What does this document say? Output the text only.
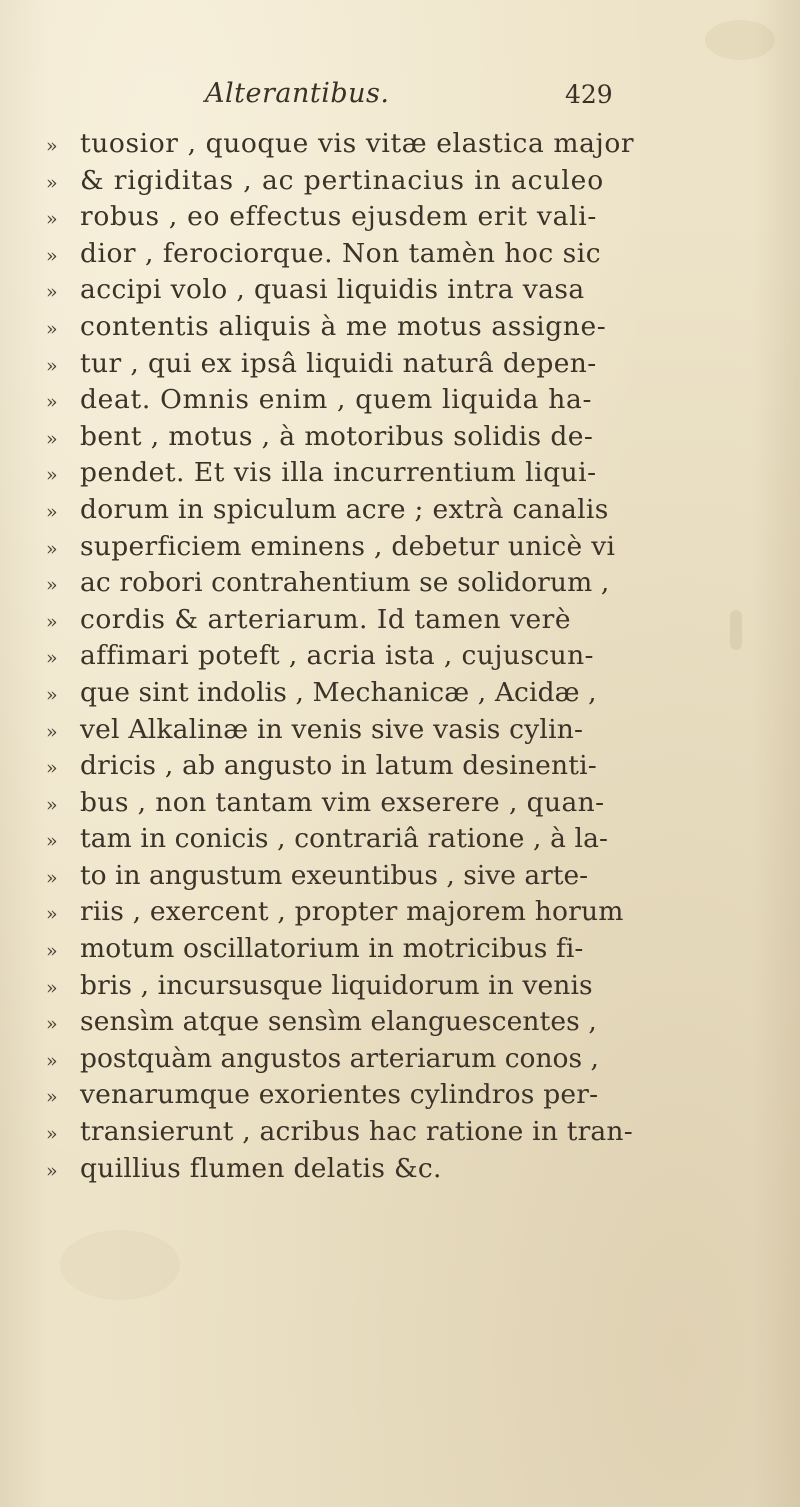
Alterantibus.	429
» tuosior , quoque vis vitæ elastica major
» & rigiditas , ac pertinacius in aculeo
» robus , eo effectus ejusdem erit vali-
» dior , ferociorque. Non tamèn hoc sic
» accipi volo , quasi liquidis intra vasa
» contentis aliquis à me motus assigne-
» tur , qui ex ipsâ liquidi naturâ depen-
» deat. Omnis enim , quem liquida ha-
» bent , motus , à motoribus solidis de-
» pendet. Et vis illa incurrentium liqui-
» dorum in spiculum acre ; extrà canalis
» superficiem eminens , debetur unicè vi
» ac robori contrahentium se solidorum ,
» cordis & arteriarum. Id tamen verè
» affimari poteft , acria ista , cujuscun-
» que sint indolis , Mechanicæ , Acidæ ,
» vel Alkalinæ in venis sive vasis cylin-
» dricis , ab angusto in latum desinenti-
» bus , non tantam vim exserere , quan-
» tam in conicis , contrariâ ratione , à la-
» to in angustum exeuntibus , sive arte-
» riis , exercent , propter majorem horum
» motum oscillatorium in motricibus fi-
» bris , incursusque liquidorum in venis
» sensìm atque sensìm elanguescentes ,
» postquàm angustos arteriarum conos ,
» venarumque exorientes cylindros per-
» transierunt , acribus hac ratione in tran-
» quillius flumen delatis &c.
